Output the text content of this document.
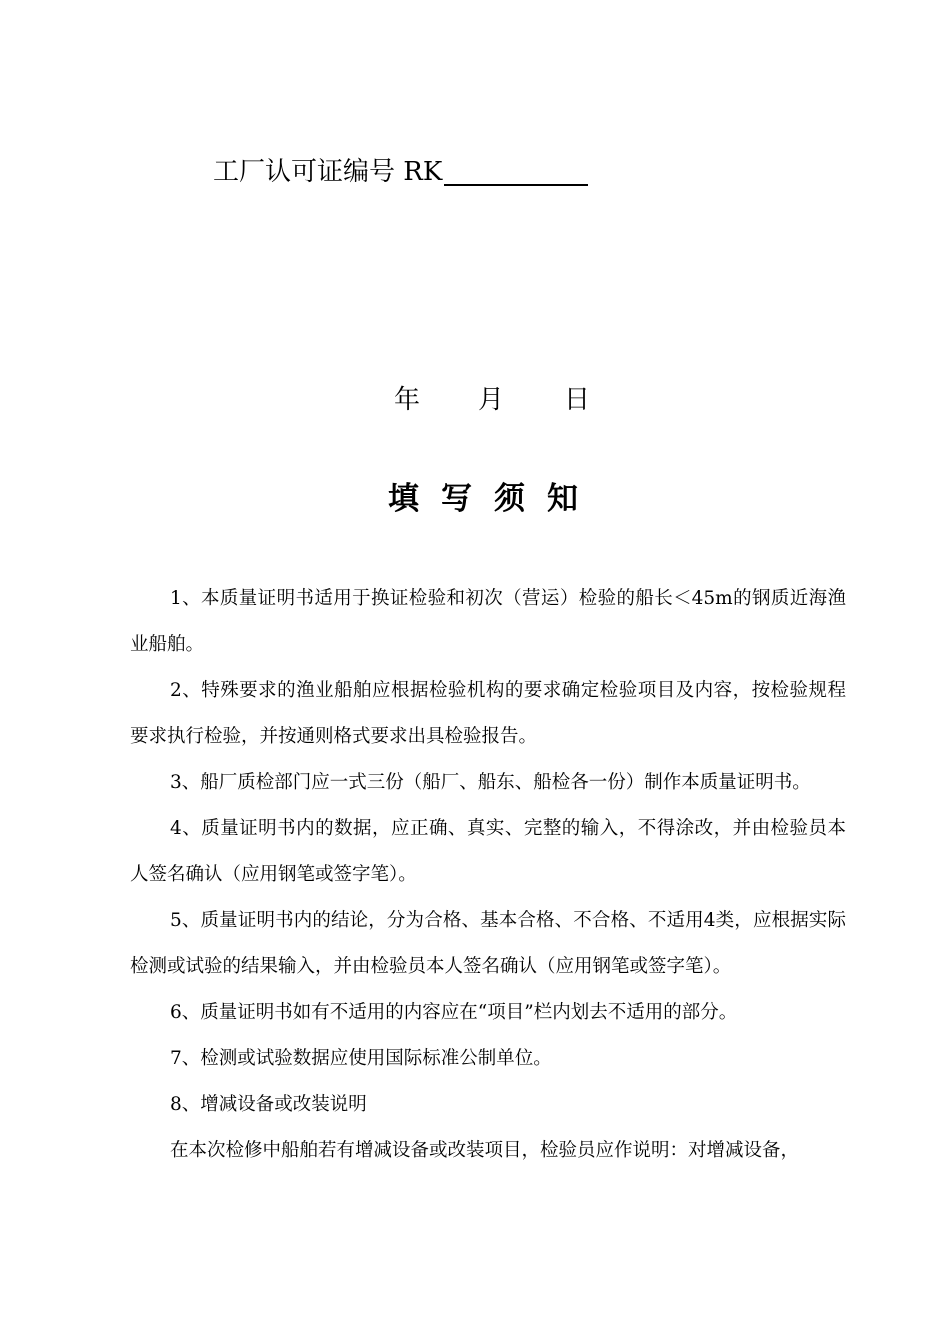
工厂认可证编号 RK
年 月 日
填写须知

1、本质量证明书适用于换证检验和初次（营运）检验的船长＜45m的钢质近海渔业船舶。

2、特殊要求的渔业船舶应根据检验机构的要求确定检验项目及内容，按检验规程要求执行检验，并按通则格式要求出具检验报告。

3、船厂质检部门应一式三份（船厂、船东、船检各一份）制作本质量证明书。

4、质量证明书内的数据，应正确、真实、完整的输入，不得涂改，并由检验员本人签名确认（应用钢笔或签字笔）。

5、质量证明书内的结论，分为合格、基本合格、不合格、不适用4类，应根据实际检测或试验的结果输入，并由检验员本人签名确认（应用钢笔或签字笔）。

6、质量证明书如有不适用的内容应在“项目”栏内划去不适用的部分。

7、检测或试验数据应使用国际标准公制单位。

8、增减设备或改装说明

在本次检修中船舶若有增减设备或改装项目，检验员应作说明：对增减设备，
